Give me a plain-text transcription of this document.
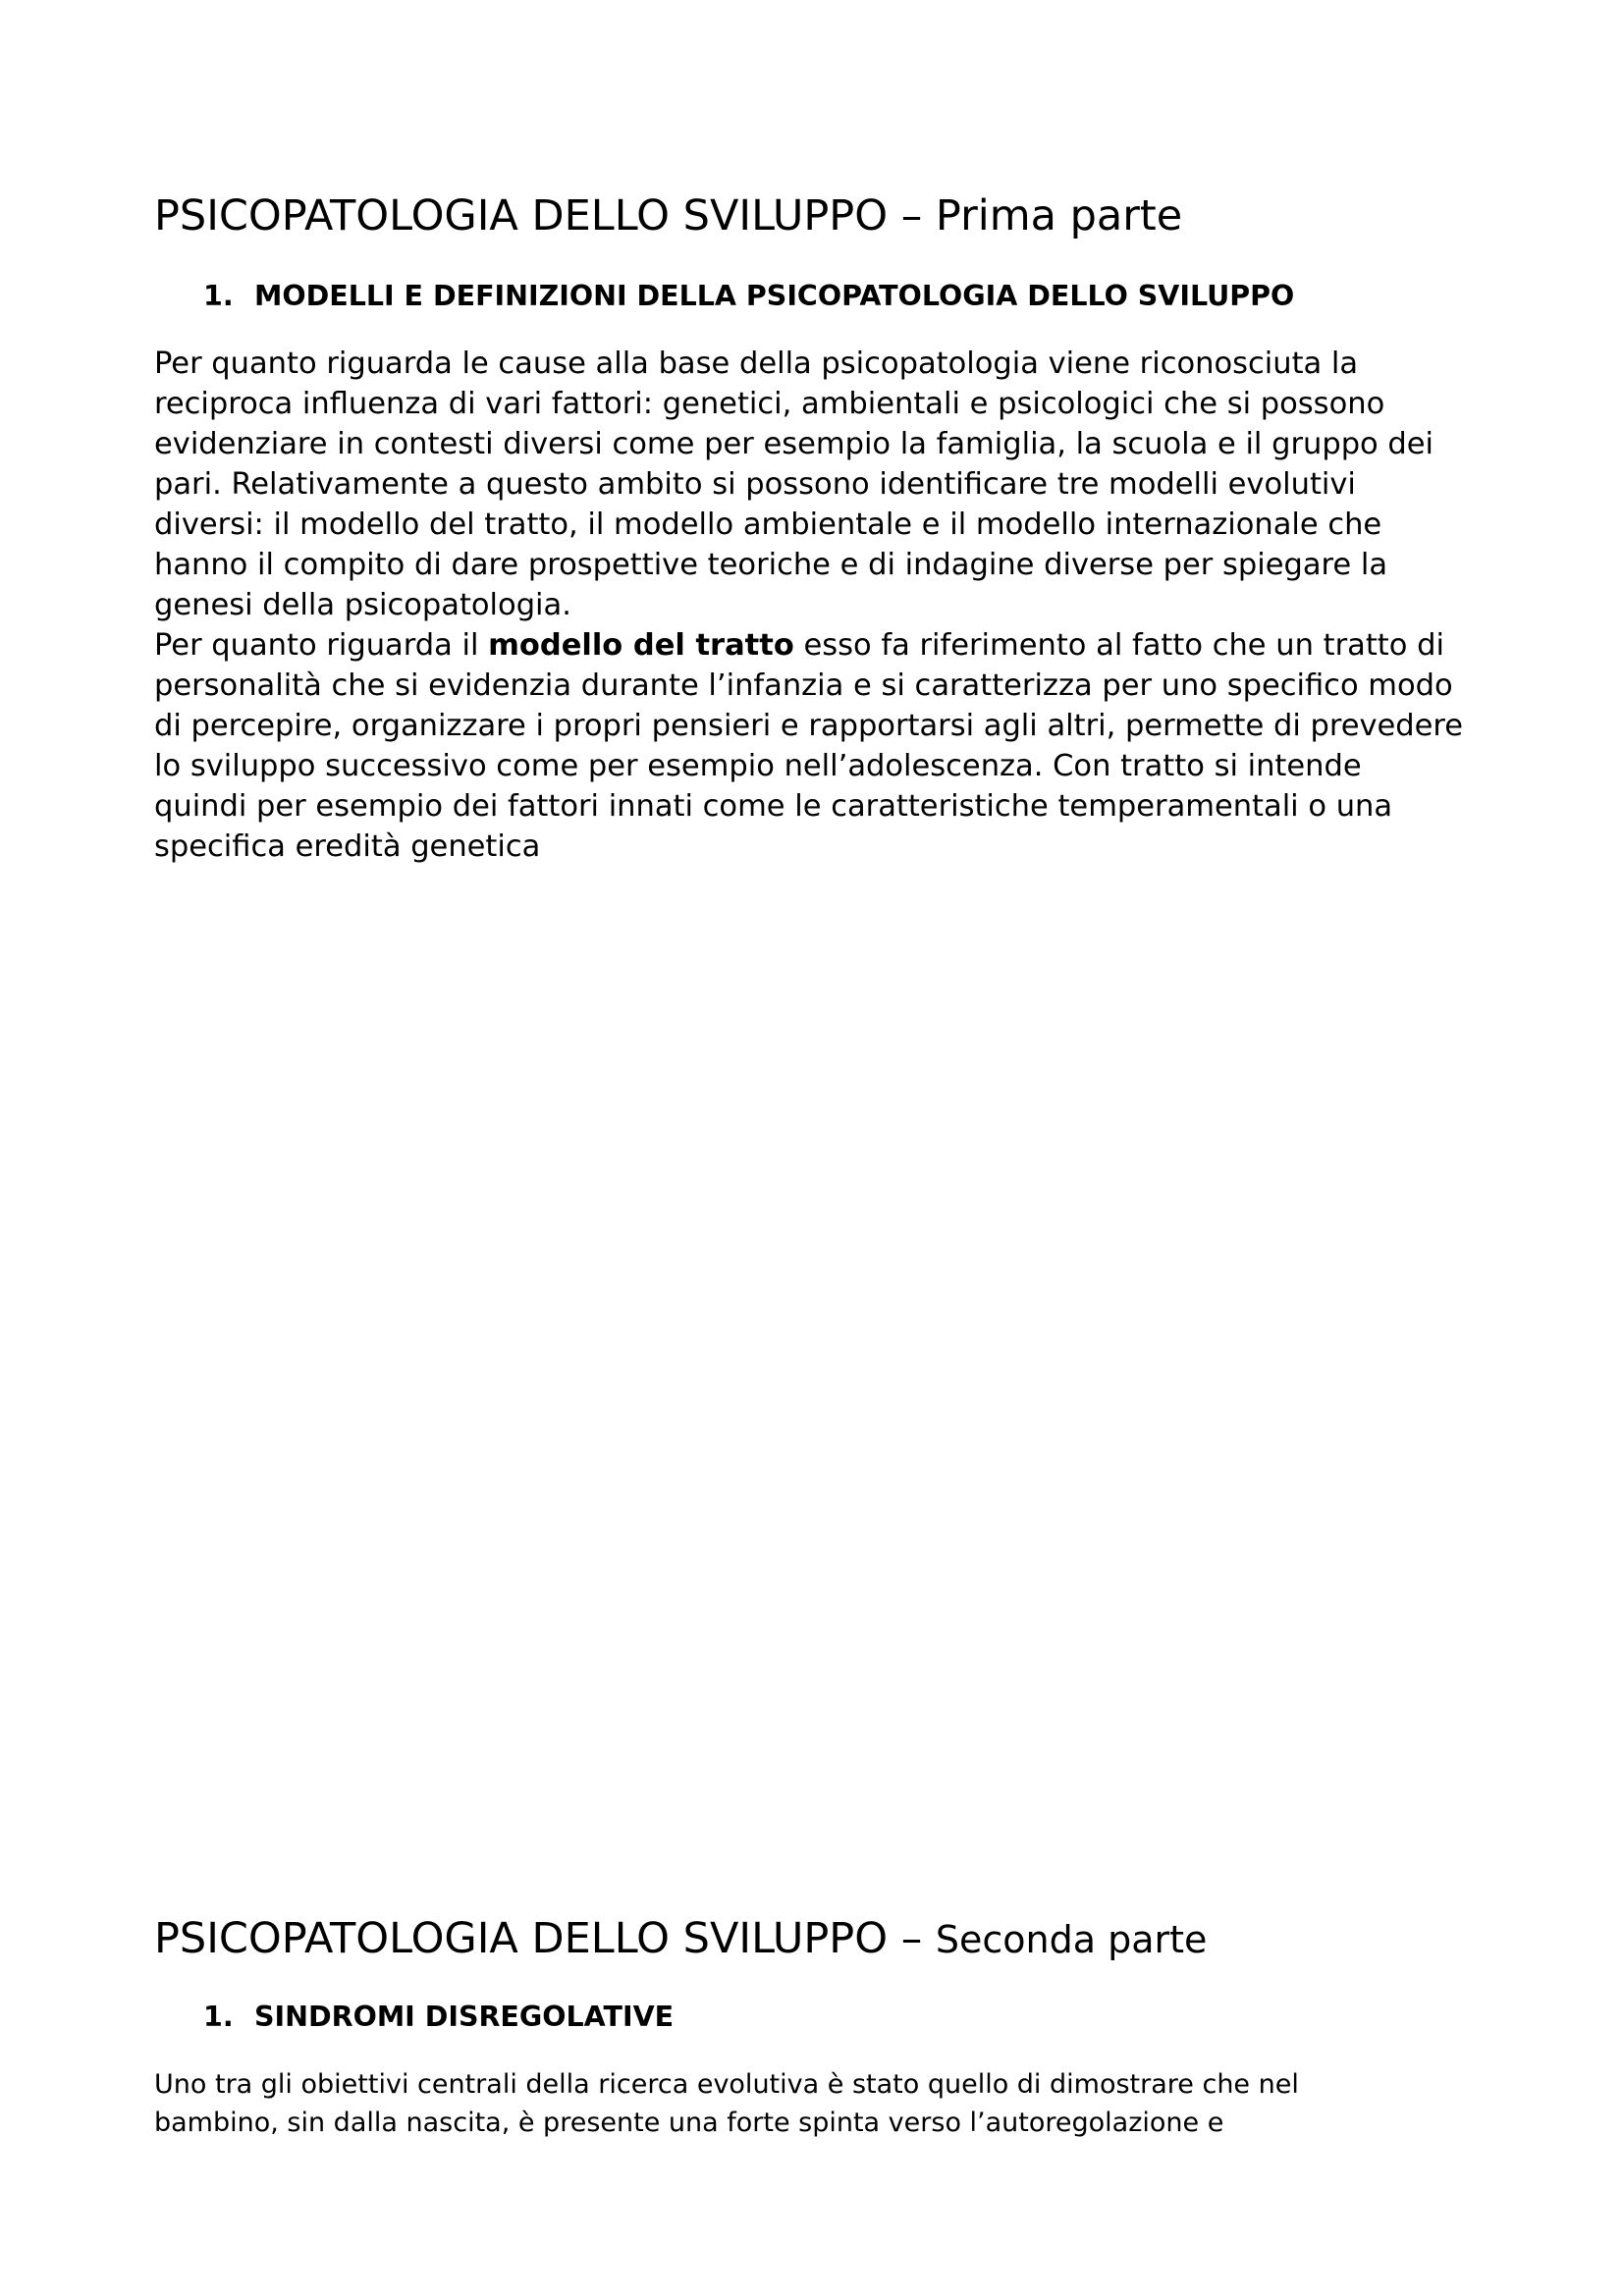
PSICOPATOLOGIA DELLO SVILUPPO – Prima parte
1. MODELLI E DEFINIZIONI DELLA PSICOPATOLOGIA DELLO SVILUPPO
Per quanto riguarda le cause alla base della psicopatologia viene riconosciuta la
reciproca influenza di vari fattori: genetici, ambientali e psicologici che si possono
evidenziare in contesti diversi come per esempio la famiglia, la scuola e il gruppo dei
pari. Relativamente a questo ambito si possono identificare tre modelli evolutivi
diversi: il modello del tratto, il modello ambientale e il modello internazionale che
hanno il compito di dare prospettive teoriche e di indagine diverse per spiegare la
genesi della psicopatologia.
Per quanto riguarda il modello del tratto esso fa riferimento al fatto che un tratto di
personalità che si evidenzia durante l’infanzia e si caratterizza per uno specifico modo
di percepire, organizzare i propri pensieri e rapportarsi agli altri, permette di prevedere
lo sviluppo successivo come per esempio nell’adolescenza. Con tratto si intende
quindi per esempio dei fattori innati come le caratteristiche temperamentali o una
specifica eredità genetica
PSICOPATOLOGIA DELLO SVILUPPO – Seconda parte
1. SINDROMI DISREGOLATIVE
Uno tra gli obiettivi centrali della ricerca evolutiva è stato quello di dimostrare che nel
bambino, sin dalla nascita, è presente una forte spinta verso l’autoregolazione e
